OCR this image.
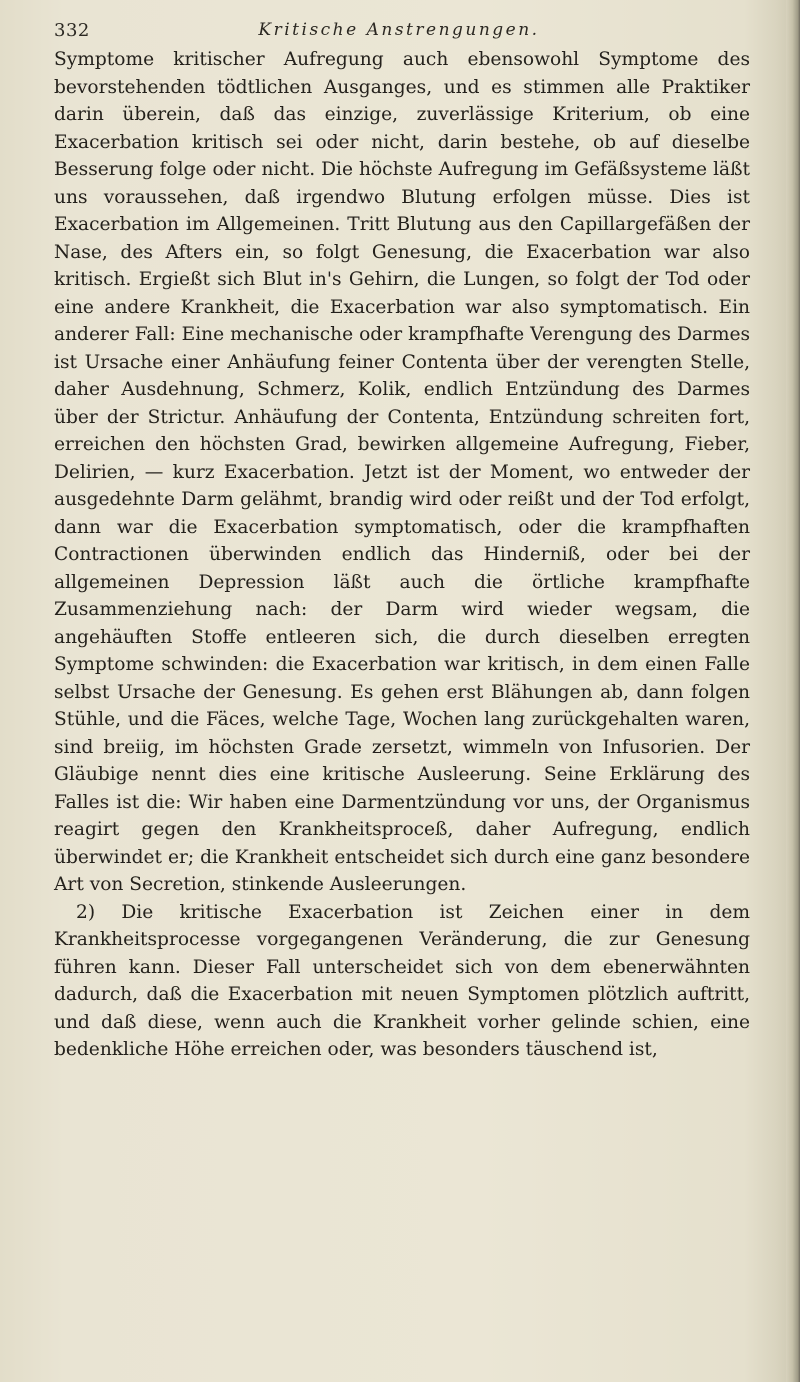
332	Kritische Anstrengungen.

Symptome kritischer Aufregung auch ebensowohl Symptome des bevorstehenden tödtlichen Ausganges, und es stimmen alle Praktiker darin überein, daß das einzige, zuverlässige Kriterium, ob eine Exacerbation kritisch sei oder nicht, darin bestehe, ob auf dieselbe Besserung folge oder nicht. Die höchste Aufregung im Gefäßsysteme läßt uns voraussehen, daß irgendwo Blutung erfolgen müsse. Dies ist Exacerbation im Allgemeinen. Tritt Blutung aus den Capillargefäßen der Nase, des Afters ein, so folgt Genesung, die Exacerbation war also kritisch. Ergießt sich Blut in's Gehirn, die Lungen, so folgt der Tod oder eine andere Krankheit, die Exacerbation war also symptomatisch. Ein anderer Fall: Eine mechanische oder krampfhafte Verengung des Darmes ist Ursache einer Anhäufung feiner Contenta über der verengten Stelle, daher Ausdehnung, Schmerz, Kolik, endlich Entzündung des Darmes über der Strictur. Anhäufung der Contenta, Entzündung schreiten fort, erreichen den höchsten Grad, bewirken allgemeine Aufregung, Fieber, Delirien, — kurz Exacerbation. Jetzt ist der Moment, wo entweder der ausgedehnte Darm gelähmt, brandig wird oder reißt und der Tod erfolgt, dann war die Exacerbation symptomatisch, oder die krampfhaften Contractionen überwinden endlich das Hinderniß, oder bei der allgemeinen Depression läßt auch die örtliche krampfhafte Zusammenziehung nach: der Darm wird wieder wegsam, die angehäuften Stoffe entleeren sich, die durch dieselben erregten Symptome schwinden: die Exacerbation war kritisch, in dem einen Falle selbst Ursache der Genesung. Es gehen erst Blähungen ab, dann folgen Stühle, und die Fäces, welche Tage, Wochen lang zurückgehalten waren, sind breiig, im höchsten Grade zersetzt, wimmeln von Infusorien. Der Gläubige nennt dies eine kritische Ausleerung. Seine Erklärung des Falles ist die: Wir haben eine Darmentzündung vor uns, der Organismus reagirt gegen den Krankheitsproceß, daher Aufregung, endlich überwindet er; die Krankheit entscheidet sich durch eine ganz besondere Art von Secretion, stinkende Ausleerungen.

2) Die kritische Exacerbation ist Zeichen einer in dem Krankheitsprocesse vorgegangenen Veränderung, die zur Genesung führen kann. Dieser Fall unterscheidet sich von dem ebenerwähnten dadurch, daß die Exacerbation mit neuen Symptomen plötzlich auftritt, und daß diese, wenn auch die Krankheit vorher gelinde schien, eine bedenkliche Höhe erreichen oder, was besonders täuschend ist,
